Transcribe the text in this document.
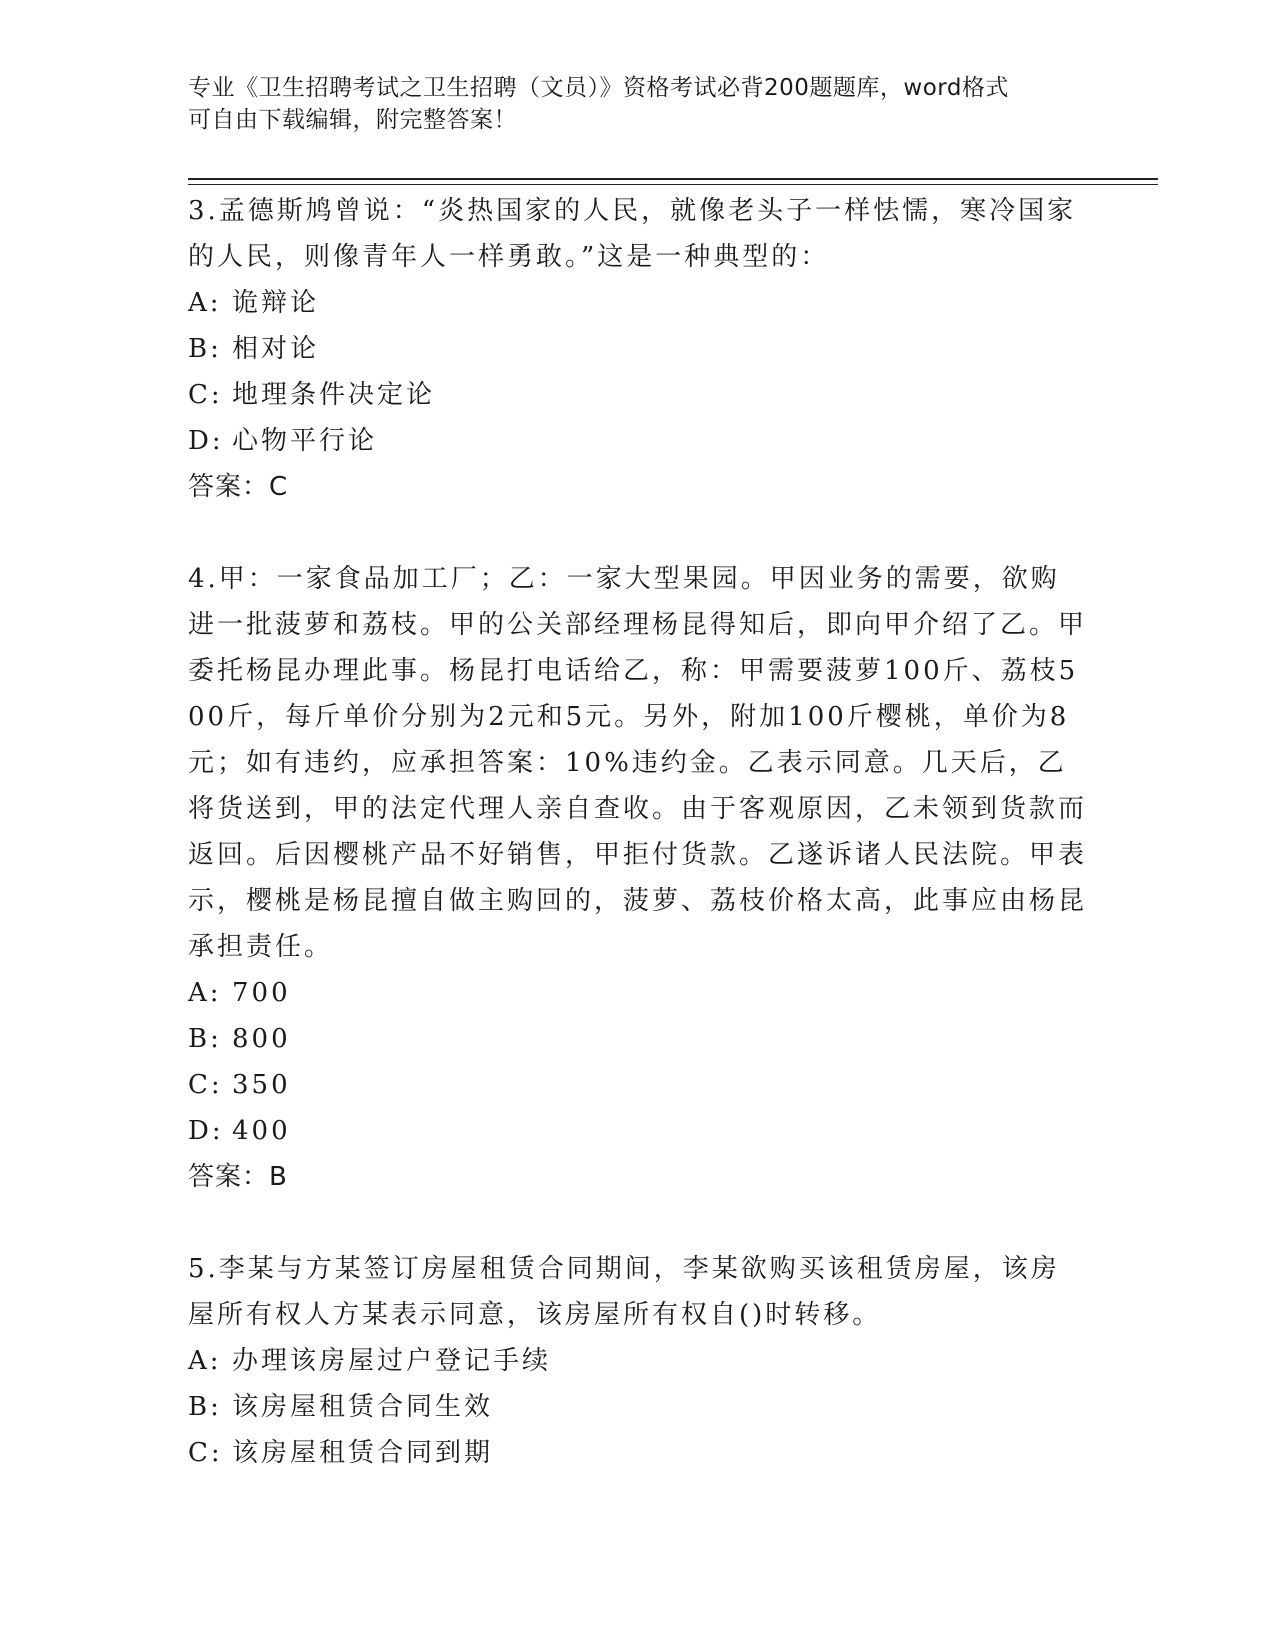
专业《卫生招聘考试之卫生招聘（文员）》资格考试必背200题题库，word格式
可自由下载编辑，附完整答案！

3.孟德斯鸠曾说：“炎热国家的人民，就像老头子一样怯懦，寒冷国家的人民，则像青年人一样勇敢。”这是一种典型的：

A: 诡辩论
B: 相对论
C: 地理条件决定论
D: 心物平行论
答案：C

4.甲：一家食品加工厂；乙：一家大型果园。甲因业务的需要，欲购进一批菠萝和荔枝。甲的公关部经理杨昆得知后，即向甲介绍了乙。甲委托杨昆办理此事。杨昆打电话给乙，称：甲需要菠萝100斤、荔枝500斤，每斤单价分别为2元和5元。另外，附加100斤樱桃，单价为8元；如有违约，应承担答案：10%违约金。乙表示同意。几天后，乙将货送到，甲的法定代理人亲自查收。由于客观原因，乙未领到货款而返回。后因樱桃产品不好销售，甲拒付货款。乙遂诉诸人民法院。甲表示，樱桃是杨昆擅自做主购回的，菠萝、荔枝价格太高，此事应由杨昆承担责任。

A: 700
B: 800
C: 350
D: 400
答案：B

5.李某与方某签订房屋租赁合同期间，李某欲购买该租赁房屋，该房屋所有权人方某表示同意，该房屋所有权自()时转移。

A: 办理该房屋过户登记手续
B: 该房屋租赁合同生效
C: 该房屋租赁合同到期
